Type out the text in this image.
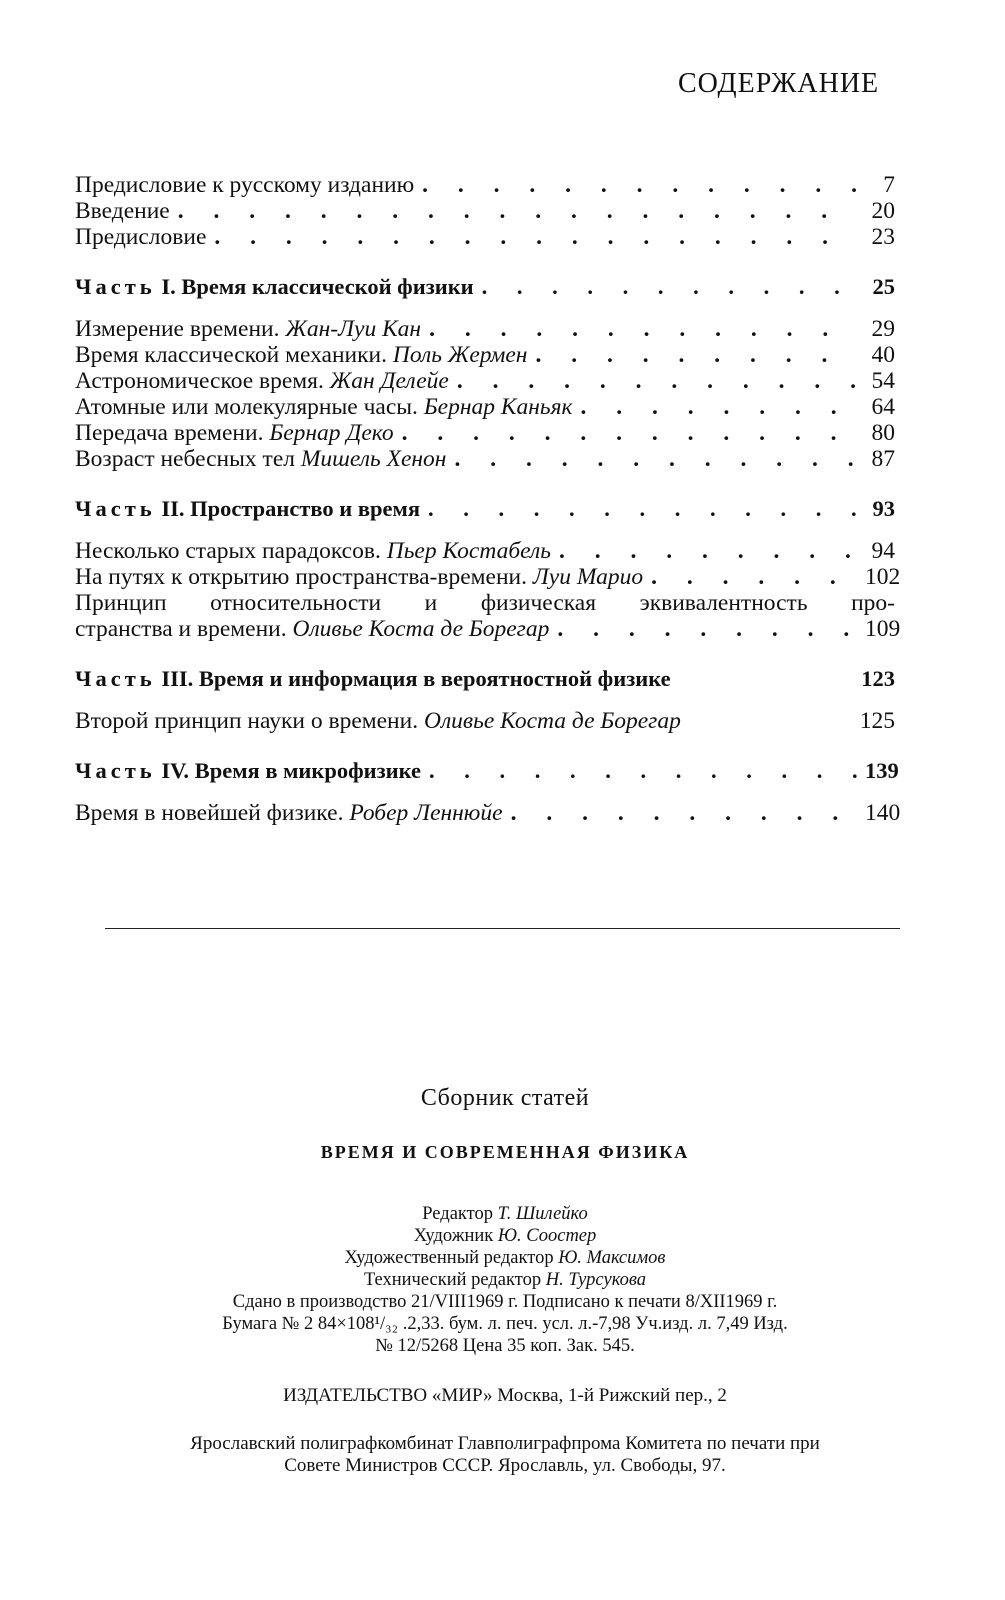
СОДЕРЖАНИЕ
Предисловие к русскому изданию . . .	7
Введение . . .	20
Предисловие . . .	23
Часть I. Время классической физики . . .	25
Измерение времени. Жан-Луи Кан . . .	29
Время классической механики. Поль Жермен . . .	40
Астрономическое время. Жан Делейе . . .	54
Атомные или молекулярные часы. Бернар Каньяк . . .	64
Передача времени. Бернар Деко . . .	80
Возраст небесных тел Мишель Хенон . . .	87
Часть II. Пространство и время . . .	93
Несколько старых парадоксов. Пьер Костабель . . .	94
На путях к открытию пространства-времени. Луи Марио . . .	102
Принцип относительности и физическая эквивалентность про-
странства и времени. Оливье Коста де Борегар . . .	109
Часть III. Время и информация в вероятностной физике	123
Второй принцип науки о времени. Оливье Коста де Борегар	125
Часть IV. Время в микрофизике . . .	139
Время в новейшей физике. Робер Леннюйе . . .	140
Сборник статей
ВРЕМЯ И СОВРЕМЕННАЯ ФИЗИКА
Редактор Т. Шилейко
Художник Ю. Соостер
Художественный редактор Ю. Максимов
Технический редактор Н. Турсукова
Сдано в производство 21/VIII1969 г. Подписано к печати 8/XII1969 г.
Бумага № 2 84×108¹/₃₂ .2,33. бум. л. печ. усл. л.-7,98 Уч.изд. л. 7,49 Изд.
№ 12/5268 Цена 35 коп. Зак. 545.
ИЗДАТЕЛЬСТВО «МИР» Москва, 1-й Рижский пер., 2
Ярославский полиграфкомбинат Главполиграфпрома Комитета по печати при
Совете Министров СССР. Ярославль, ул. Свободы, 97.
